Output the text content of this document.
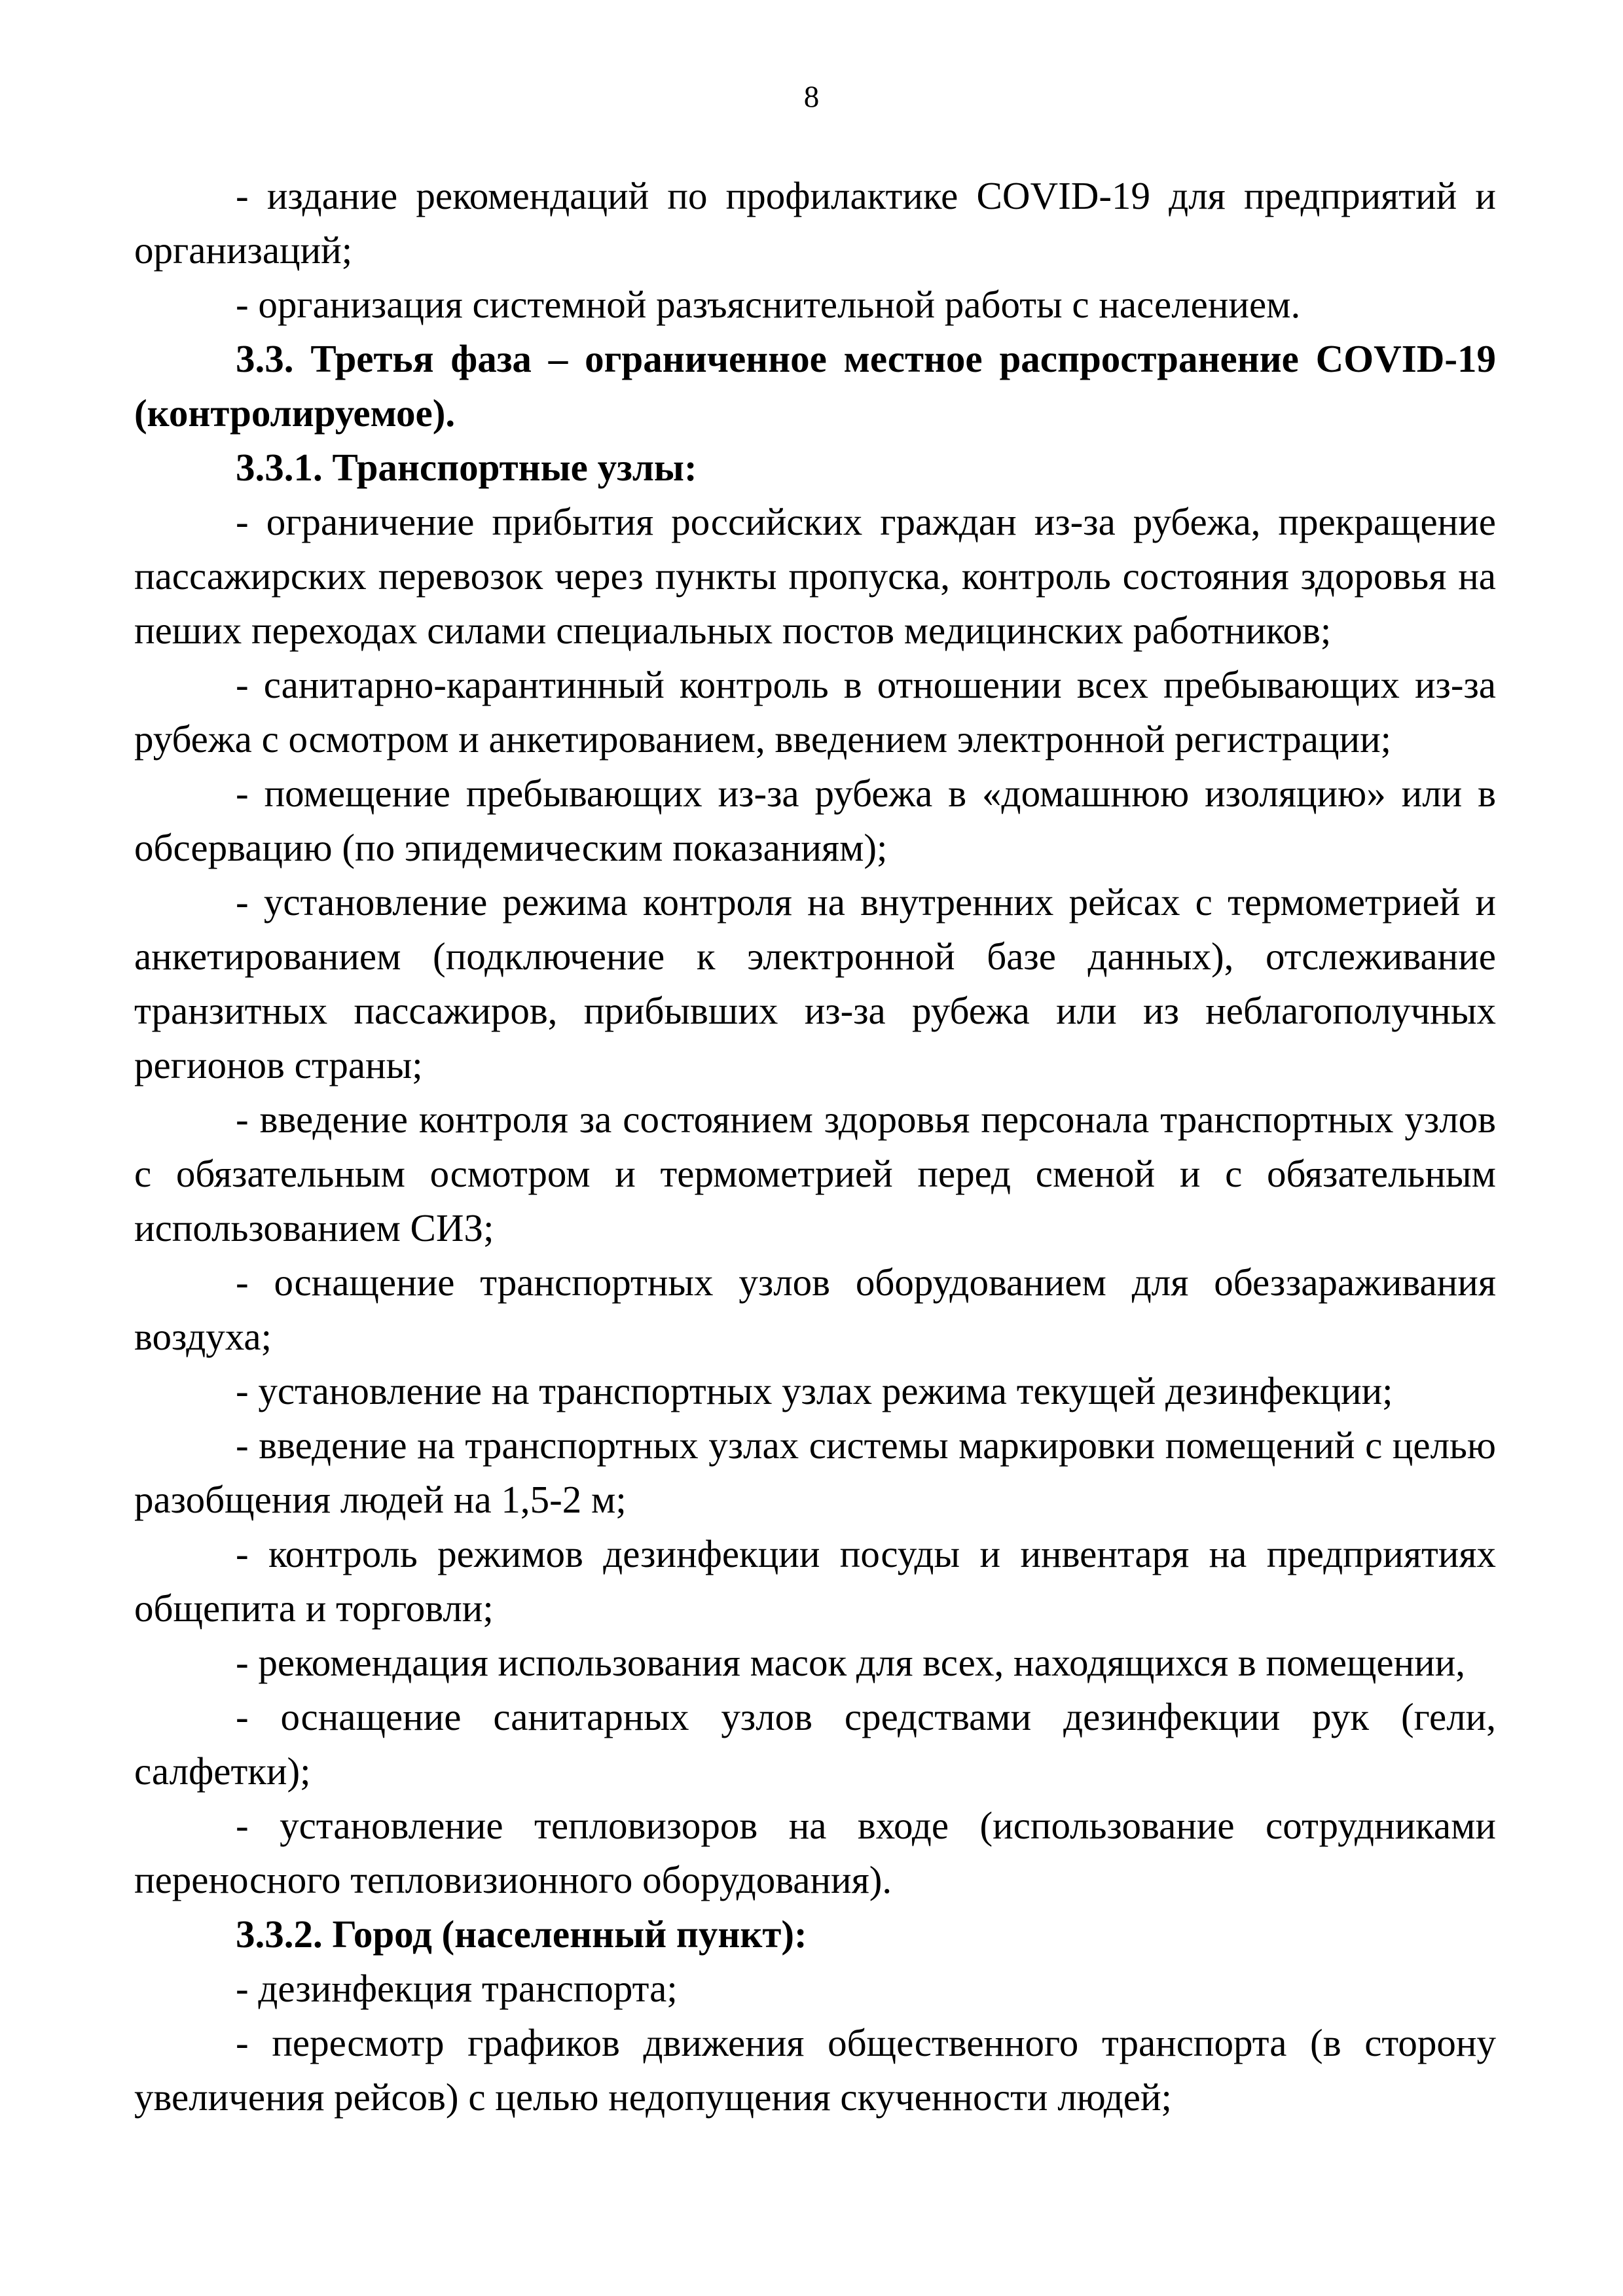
8

- издание рекомендаций по профилактике COVID-19 для предприятий и организаций;

- организация системной разъяснительной работы с населением.

3.3. Третья фаза – ограниченное местное распространение COVID-19 (контролируемое).

3.3.1. Транспортные узлы:

- ограничение прибытия российских граждан из-за рубежа, прекращение пассажирских перевозок через пункты пропуска, контроль состояния здоровья на пеших переходах силами специальных постов медицинских работников;

- санитарно-карантинный контроль в отношении всех пребывающих из-за рубежа с осмотром и анкетированием, введением электронной регистрации;

- помещение пребывающих из-за рубежа в «домашнюю изоляцию» или в обсервацию (по эпидемическим показаниям);

- установление режима контроля на внутренних рейсах с термометрией и анкетированием (подключение к электронной базе данных), отслеживание транзитных пассажиров, прибывших из-за рубежа или из неблагополучных регионов страны;

- введение контроля за состоянием здоровья персонала транспортных узлов с обязательным осмотром и термометрией перед сменой и с обязательным использованием СИЗ;

- оснащение транспортных узлов оборудованием для обеззараживания воздуха;

- установление на транспортных узлах режима текущей дезинфекции;

- введение на транспортных узлах системы маркировки помещений с целью разобщения людей на 1,5-2 м;

- контроль режимов дезинфекции посуды и инвентаря на предприятиях общепита и торговли;

- рекомендация использования масок для всех, находящихся в помещении,

- оснащение санитарных узлов средствами дезинфекции рук (гели, салфетки);

- установление тепловизоров на входе (использование сотрудниками переносного тепловизионного оборудования).

3.3.2. Город (населенный пункт):

- дезинфекция транспорта;

- пересмотр графиков движения общественного транспорта (в сторону увеличения рейсов) с целью недопущения скученности людей;
